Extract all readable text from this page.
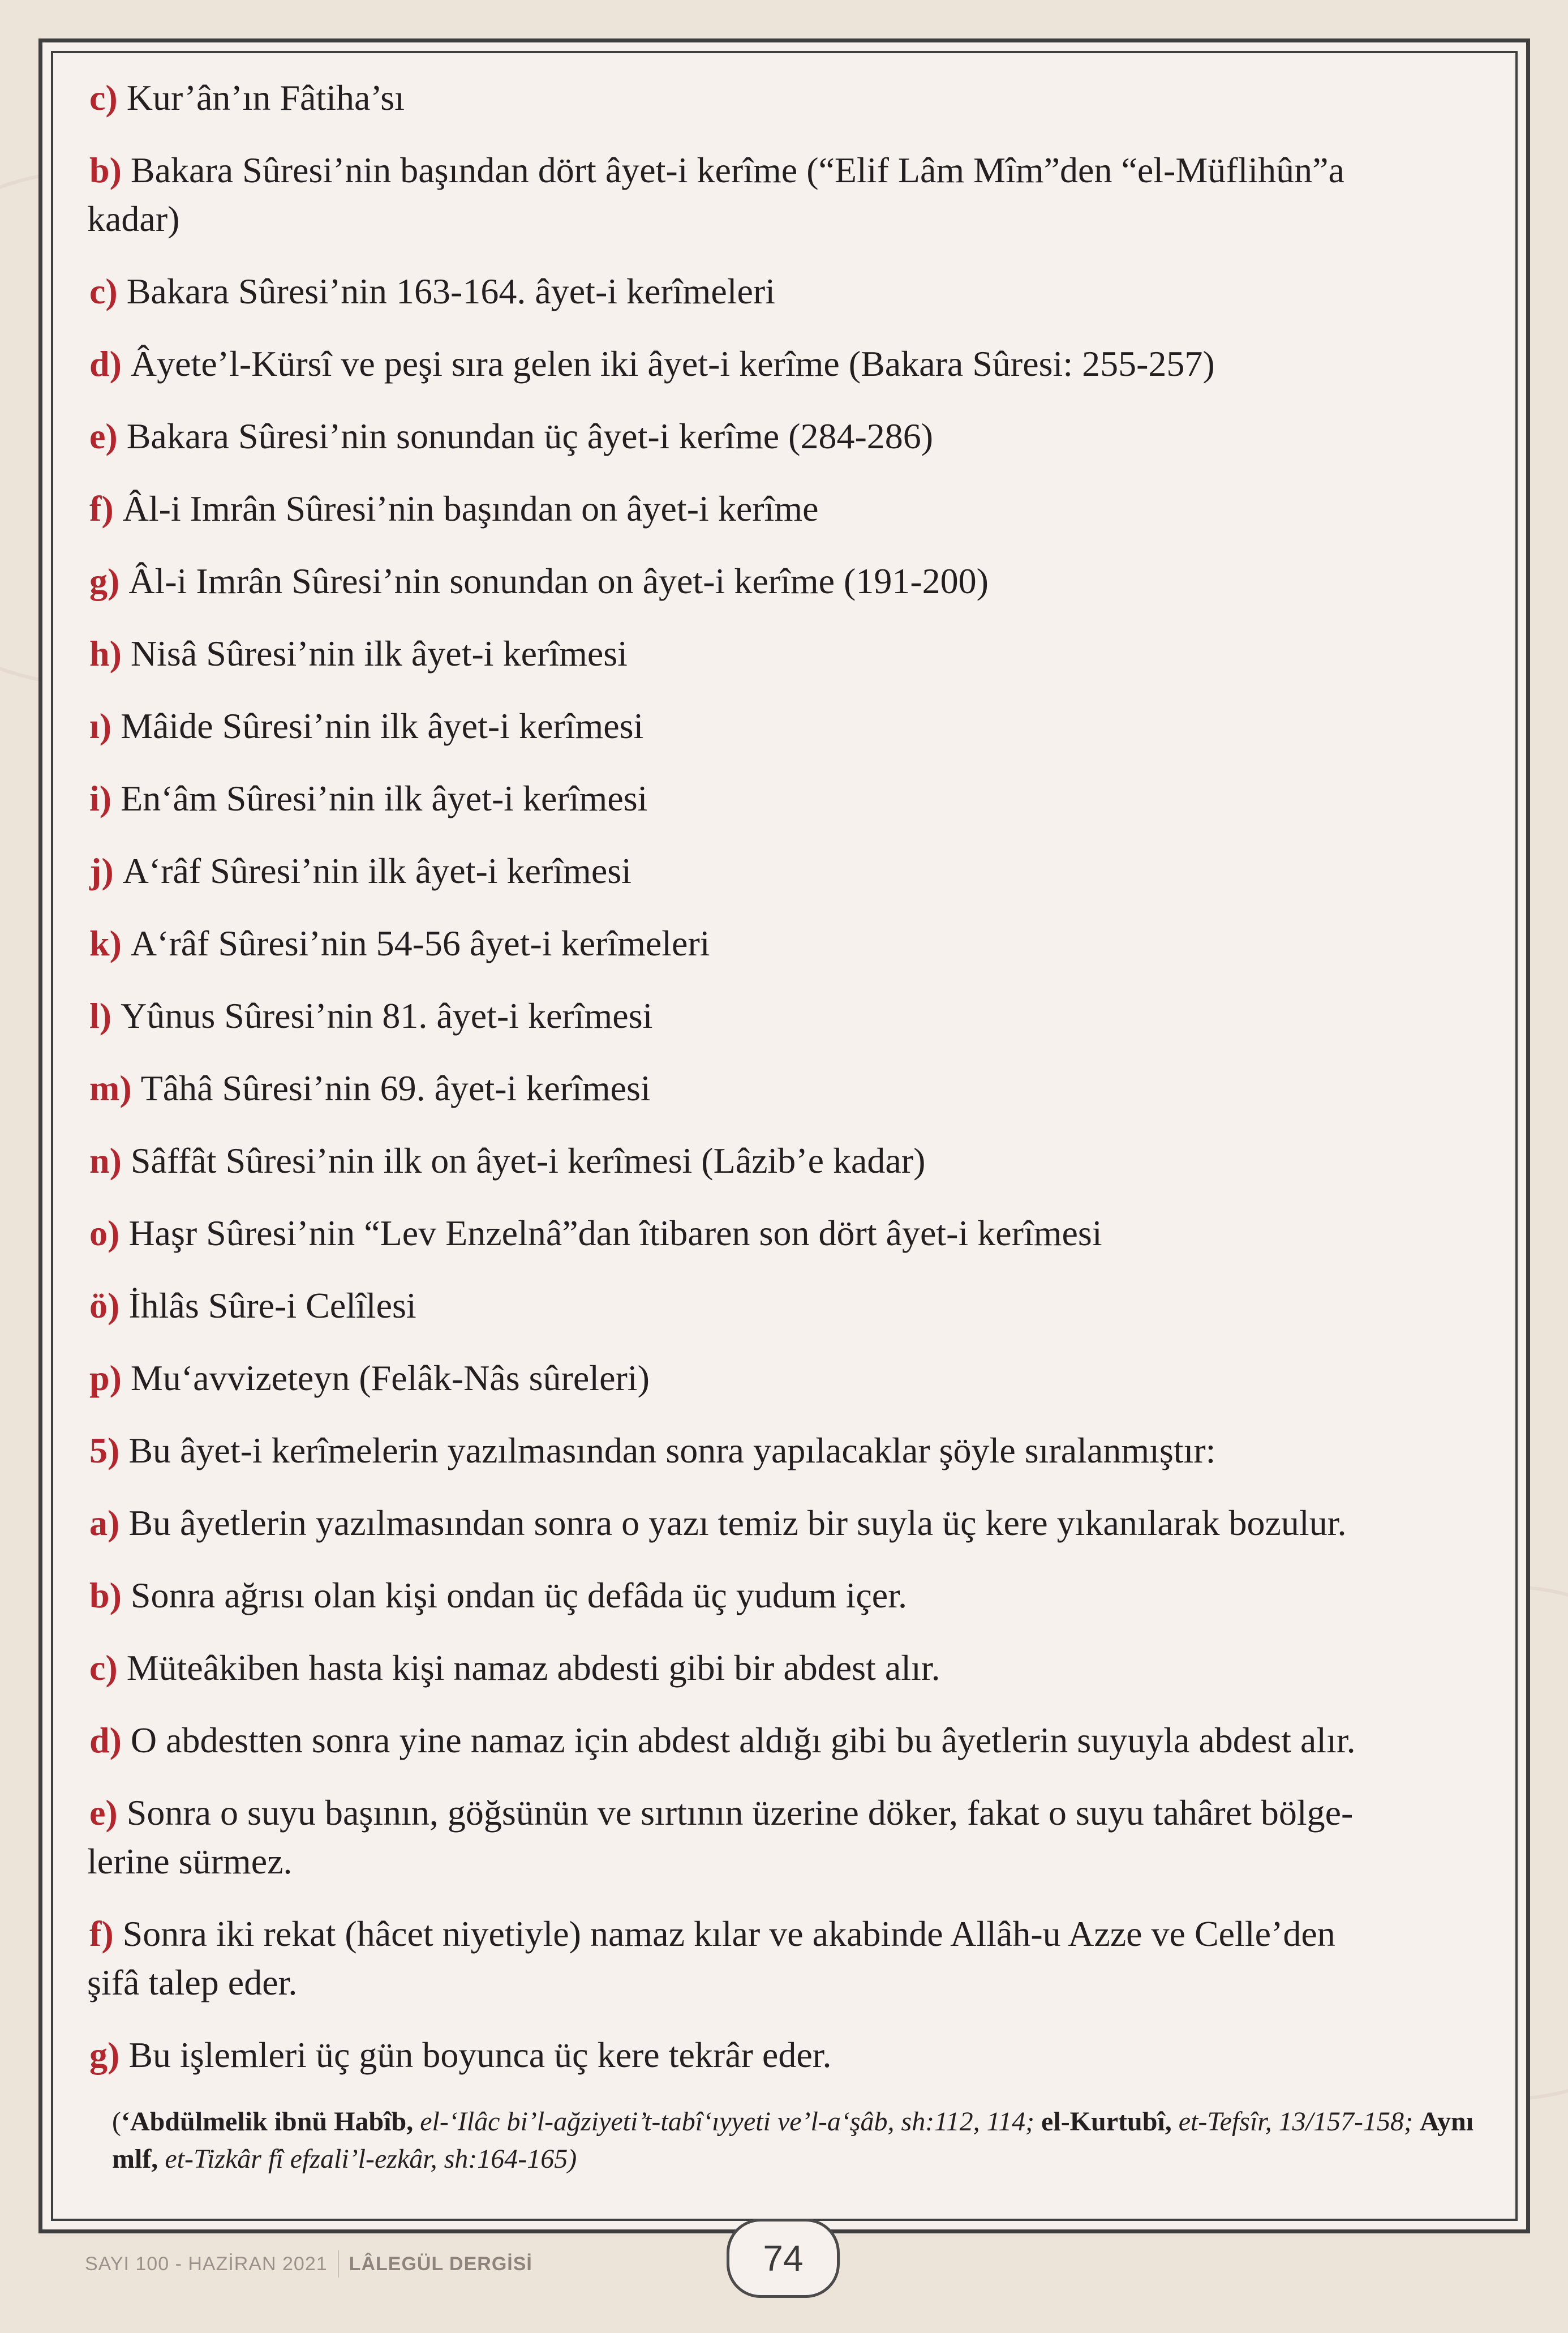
c) Kur’ân’ın Fâtiha’sı
b) Bakara Sûresi’nin başından dört âyet-i kerîme (“Elif Lâm Mîm”den “el-Müflihûn”a
kadar)
c) Bakara Sûresi’nin 163-164. âyet-i kerîmeleri
d) Âyete’l-Kürsî ve peşi sıra gelen iki âyet-i kerîme (Bakara Sûresi: 255-257)
e) Bakara Sûresi’nin sonundan üç âyet-i kerîme (284-286)
f) Âl-i Imrân Sûresi’nin başından on âyet-i kerîme
g) Âl-i Imrân Sûresi’nin sonundan on âyet-i kerîme (191-200)
h) Nisâ Sûresi’nin ilk âyet-i kerîmesi
ı) Mâide Sûresi’nin ilk âyet-i kerîmesi
i) En‘âm Sûresi’nin ilk âyet-i kerîmesi
j) A‘râf Sûresi’nin ilk âyet-i kerîmesi
k) A‘râf Sûresi’nin 54-56 âyet-i kerîmeleri
l) Yûnus Sûresi’nin 81. âyet-i kerîmesi
m) Tâhâ Sûresi’nin 69. âyet-i kerîmesi
n) Sâffât Sûresi’nin ilk on âyet-i kerîmesi (Lâzib’e kadar)
o) Haşr Sûresi’nin “Lev Enzelnâ”dan îtibaren son dört âyet-i kerîmesi
ö) İhlâs Sûre-i Celîlesi
p) Mu‘avvizeteyn (Felâk-Nâs sûreleri)
5) Bu âyet-i kerîmelerin yazılmasından sonra yapılacaklar şöyle sıralanmıştır:
a) Bu âyetlerin yazılmasından sonra o yazı temiz bir suyla üç kere yıkanılarak bozulur.
b) Sonra ağrısı olan kişi ondan üç defâda üç yudum içer.
c) Müteâkiben hasta kişi namaz abdesti gibi bir abdest alır.
d) O abdestten sonra yine namaz için abdest aldığı gibi bu âyetlerin suyuyla abdest alır.
e) Sonra o suyu başının, göğsünün ve sırtının üzerine döker, fakat o suyu tahâret bölge-
lerine sürmez.
f) Sonra iki rekat (hâcet niyetiyle) namaz kılar ve akabinde Allâh-u Azze ve Celle’den
şifâ talep eder.
g) Bu işlemleri üç gün boyunca üç kere tekrâr eder.
(‘Abdülmelik ibnü Habîb, el-‘Ilâc bi’l-ağziyeti’t-tabî‘ıyyeti ve’l-a‘şâb, sh:112, 114; el-Kurtubî, et-Tefsîr, 13/157-158; Aynı mlf, et-Tizkâr fî efzali’l-ezkâr, sh:164-165)
SAYI 100 - HAZİRAN 2021 LÂLEGÜL DERGİSİ	74
